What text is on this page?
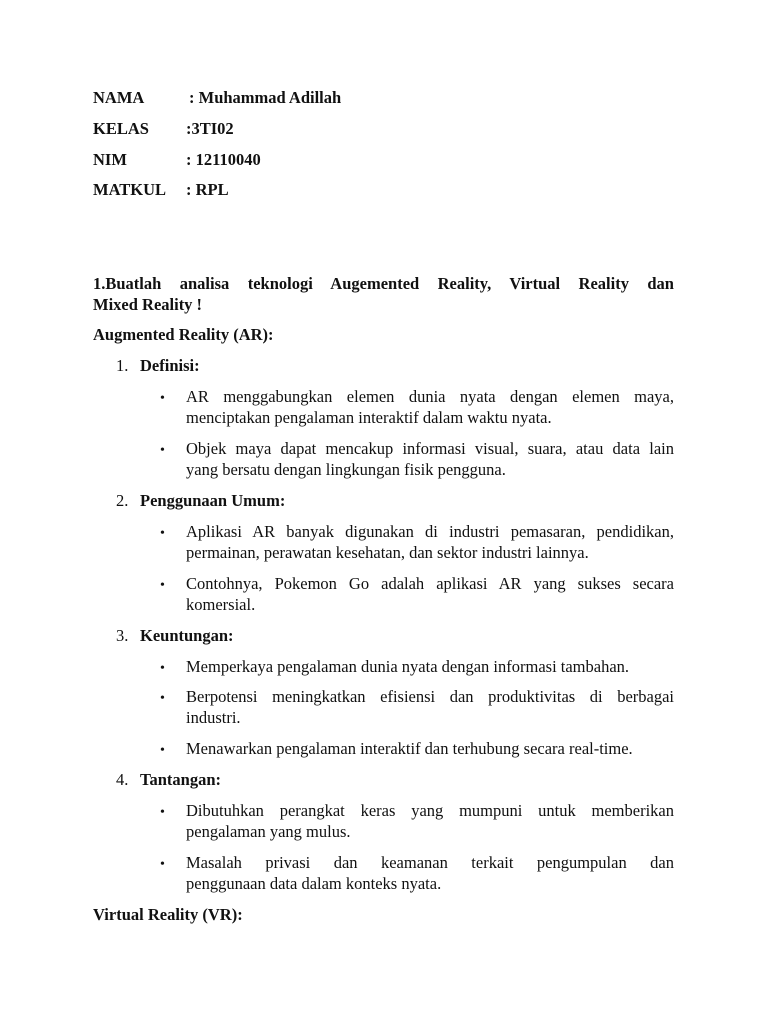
NAMA	: Muhammad Adillah
KELAS :3TI02
NIM	: 12110040
MATKUL : RPL
1.Buatlah analisa teknologi Augemented Reality, Virtual Reality dan
Mixed Reality !
Augmented Reality (AR):
1. Definisi:
• AR menggabungkan elemen dunia nyata dengan elemen maya,
menciptakan pengalaman interaktif dalam waktu nyata.
• Objek maya dapat mencakup informasi visual, suara, atau data lain
yang bersatu dengan lingkungan fisik pengguna.
2. Penggunaan Umum:
• Aplikasi AR banyak digunakan di industri pemasaran, pendidikan,
permainan, perawatan kesehatan, dan sektor industri lainnya.
• Contohnya, Pokemon Go adalah aplikasi AR yang sukses secara
komersial.
3. Keuntungan:
• Memperkaya pengalaman dunia nyata dengan informasi tambahan.
• Berpotensi meningkatkan efisiensi dan produktivitas di berbagai
industri.
• Menawarkan pengalaman interaktif dan terhubung secara real-time.
4. Tantangan:
• Dibutuhkan perangkat keras yang mumpuni untuk memberikan
pengalaman yang mulus.
• Masalah privasi dan keamanan terkait pengumpulan dan
penggunaan data dalam konteks nyata.
Virtual Reality (VR):
